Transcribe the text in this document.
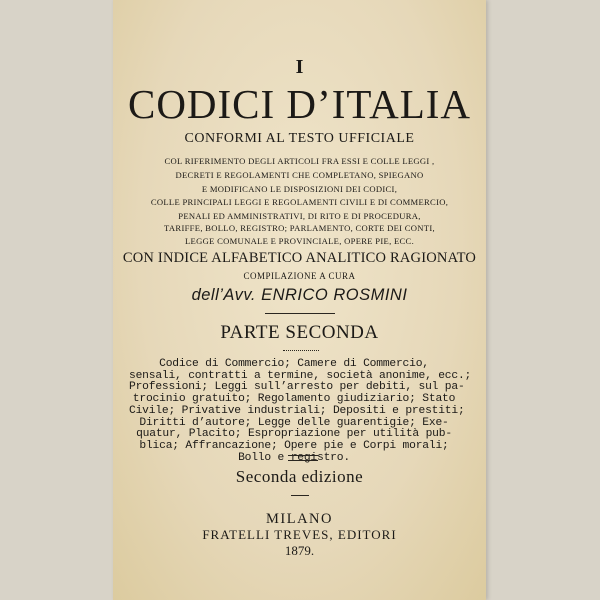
I
CODICI D’ITALIA
CONFORMI AL TESTO UFFICIALE
COL RIFERIMENTO DEGLI ARTICOLI FRA ESSI E COLLE LEGGI ,
DECRETI E REGOLAMENTI CHE COMPLETANO, SPIEGANO
E MODIFICANO LE DISPOSIZIONI DEI CODICI,
COLLE PRINCIPALI LEGGI E REGOLAMENTI CIVILI E DI COMMERCIO,
PENALI ED AMMINISTRATIVI, DI RITO E DI PROCEDURA,
TARIFFE, BOLLO, REGISTRO; PARLAMENTO, CORTE DEI CONTI,
LEGGE COMUNALE E PROVINCIALE, OPERE PIE, ECC.
CON INDICE ALFABETICO ANALITICO RAGIONATO
COMPILAZIONE A CURA
dell’Avv. ENRICO ROSMINI
PARTE SECONDA
Codice di Commercio; Camere di Commercio,
sensali, contratti a termine, società anonime, ecc.;
Professioni; Leggi sull’arresto per debiti, sul pa-
trocinio gratuito; Regolamento giudiziario; Stato
Civile; Privative industriali; Depositi e prestiti;
Diritti d’autore; Legge delle guarentigie; Exe-
quatur, Placito; Espropriazione per utilità pub-
blica; Affrancazione; Opere pie e Corpi morali;
Bollo e registro.
Seconda edizione
MILANO
FRATELLI TREVES, EDITORI
1879.
